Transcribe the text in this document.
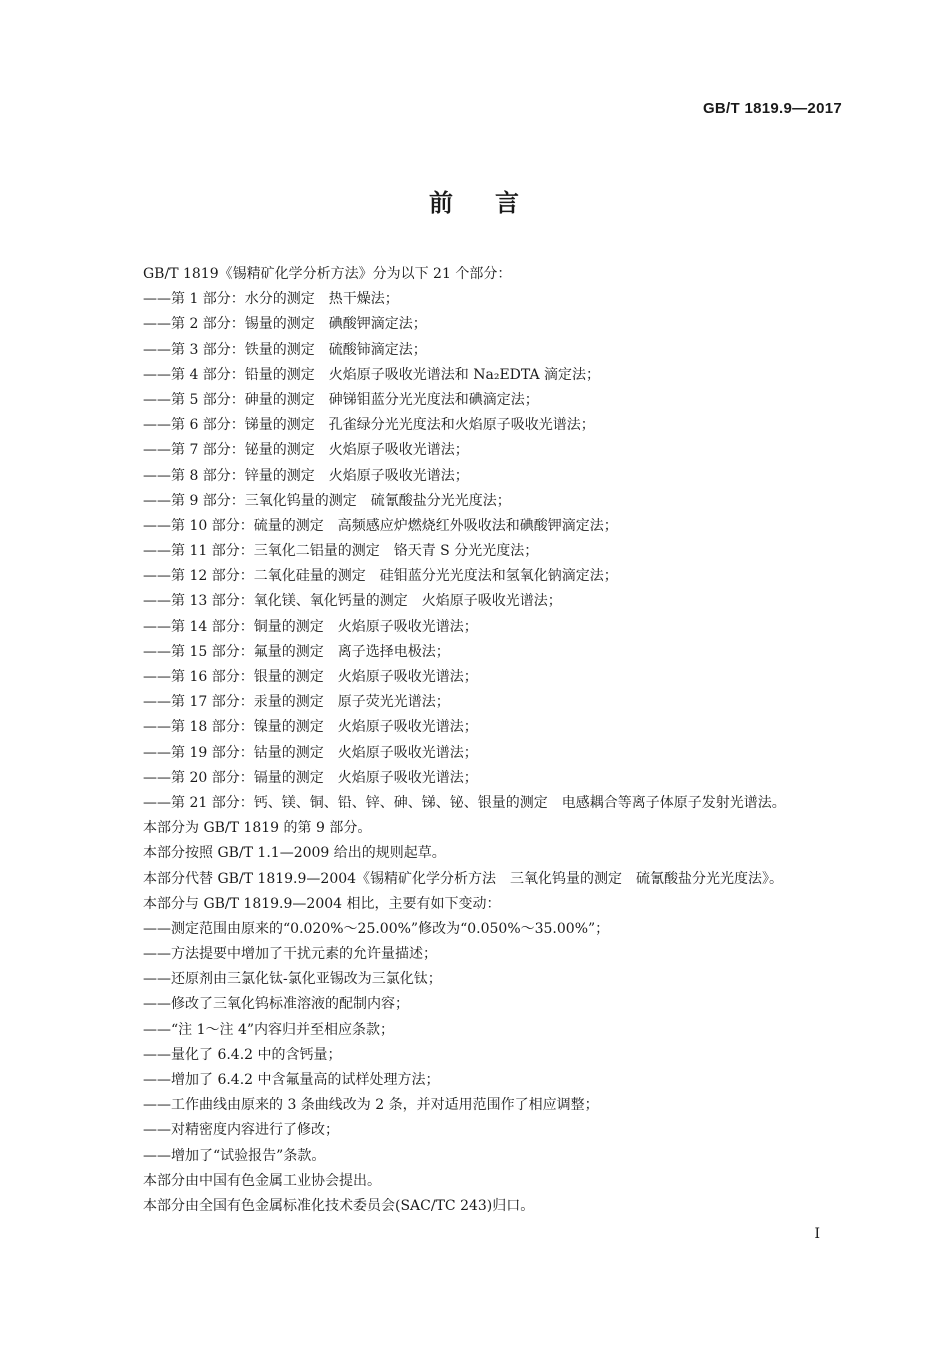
GB/T 1819.9—2017
前言
GB/T 1819《锡精矿化学分析方法》分为以下 21 个部分：
——第 1 部分：水分的测定　热干燥法；
——第 2 部分：锡量的测定　碘酸钾滴定法；
——第 3 部分：铁量的测定　硫酸铈滴定法；
——第 4 部分：铅量的测定　火焰原子吸收光谱法和 Na₂EDTA 滴定法；
——第 5 部分：砷量的测定　砷锑钼蓝分光光度法和碘滴定法；
——第 6 部分：锑量的测定　孔雀绿分光光度法和火焰原子吸收光谱法；
——第 7 部分：铋量的测定　火焰原子吸收光谱法；
——第 8 部分：锌量的测定　火焰原子吸收光谱法；
——第 9 部分：三氧化钨量的测定　硫氰酸盐分光光度法；
——第 10 部分：硫量的测定　高频感应炉燃烧红外吸收法和碘酸钾滴定法；
——第 11 部分：三氧化二铝量的测定　铬天青 S 分光光度法；
——第 12 部分：二氧化硅量的测定　硅钼蓝分光光度法和氢氧化钠滴定法；
——第 13 部分：氧化镁、氧化钙量的测定　火焰原子吸收光谱法；
——第 14 部分：铜量的测定　火焰原子吸收光谱法；
——第 15 部分：氟量的测定　离子选择电极法；
——第 16 部分：银量的测定　火焰原子吸收光谱法；
——第 17 部分：汞量的测定　原子荧光光谱法；
——第 18 部分：镍量的测定　火焰原子吸收光谱法；
——第 19 部分：钴量的测定　火焰原子吸收光谱法；
——第 20 部分：镉量的测定　火焰原子吸收光谱法；
——第 21 部分：钙、镁、铜、铅、锌、砷、锑、铋、银量的测定　电感耦合等离子体原子发射光谱法。
本部分为 GB/T 1819 的第 9 部分。
本部分按照 GB/T 1.1—2009 给出的规则起草。
本部分代替 GB/T 1819.9—2004《锡精矿化学分析方法　三氧化钨量的测定　硫氰酸盐分光光度法》。
本部分与 GB/T 1819.9—2004 相比，主要有如下变动：
——测定范围由原来的“0.020%～25.00%”修改为“0.050%～35.00%”；
——方法提要中增加了干扰元素的允许量描述；
——还原剂由三氯化钛-氯化亚锡改为三氯化钛；
——修改了三氧化钨标准溶液的配制内容；
——“注 1～注 4”内容归并至相应条款；
——量化了 6.4.2 中的含钙量；
——增加了 6.4.2 中含氟量高的试样处理方法；
——工作曲线由原来的 3 条曲线改为 2 条，并对适用范围作了相应调整；
——对精密度内容进行了修改；
——增加了“试验报告”条款。
本部分由中国有色金属工业协会提出。
本部分由全国有色金属标准化技术委员会(SAC/TC 243)归口。
I
